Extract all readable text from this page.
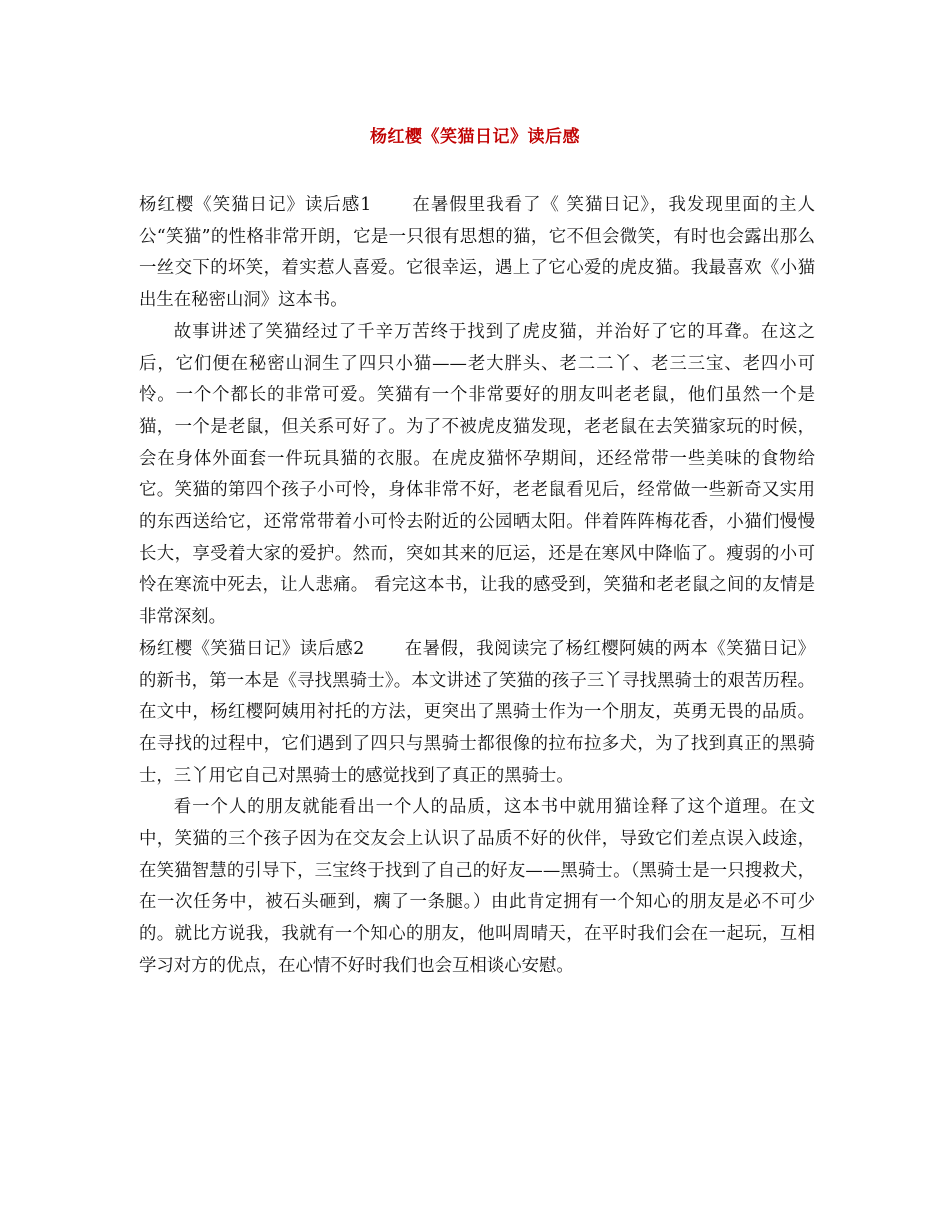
杨红樱《笑猫日记》读后感

杨红樱《笑猫日记》读后感1 在暑假里我看了《 笑猫日记》，我发现里面的主人公“笑猫”的性格非常开朗，它是一只很有思想的猫，它不但会微笑，有时也会露出那么一丝交下的坏笑，着实惹人喜爱。它很幸运，遇上了它心爱的虎皮猫。我最喜欢《小猫出生在秘密山洞》这本书。

故事讲述了笑猫经过了千辛万苦终于找到了虎皮猫，并治好了它的耳聋。在这之后，它们便在秘密山洞生了四只小猫——老大胖头、老二二丫、老三三宝、老四小可怜。一个个都长的非常可爱。笑猫有一个非常要好的朋友叫老老鼠，他们虽然一个是猫，一个是老鼠，但关系可好了。为了不被虎皮猫发现，老老鼠在去笑猫家玩的时候，会在身体外面套一件玩具猫的衣服。在虎皮猫怀孕期间，还经常带一些美味的食物给它。笑猫的第四个孩子小可怜，身体非常不好，老老鼠看见后，经常做一些新奇又实用的东西送给它，还常常带着小可怜去附近的公园晒太阳。伴着阵阵梅花香，小猫们慢慢长大，享受着大家的爱护。然而，突如其来的厄运，还是在寒风中降临了。瘦弱的小可怜在寒流中死去，让人悲痛。 看完这本书，让我的感受到，笑猫和老老鼠之间的友情是非常深刻。

杨红樱《笑猫日记》读后感2 在暑假，我阅读完了杨红樱阿姨的两本《笑猫日记》的新书，第一本是《寻找黑骑士》。本文讲述了笑猫的孩子三丫寻找黑骑士的艰苦历程。在文中，杨红樱阿姨用衬托的方法，更突出了黑骑士作为一个朋友，英勇无畏的品质。在寻找的过程中，它们遇到了四只与黑骑士都很像的拉布拉多犬，为了找到真正的黑骑士，三丫用它自己对黑骑士的感觉找到了真正的黑骑士。

看一个人的朋友就能看出一个人的品质，这本书中就用猫诠释了这个道理。在文中，笑猫的三个孩子因为在交友会上认识了品质不好的伙伴，导致它们差点误入歧途，在笑猫智慧的引导下，三宝终于找到了自己的好友——黑骑士。（黑骑士是一只搜救犬，在一次任务中，被石头砸到，瘸了一条腿。）由此肯定拥有一个知心的朋友是必不可少的。就比方说我，我就有一个知心的朋友，他叫周晴天，在平时我们会在一起玩，互相学习对方的优点，在心情不好时我们也会互相谈心安慰。
